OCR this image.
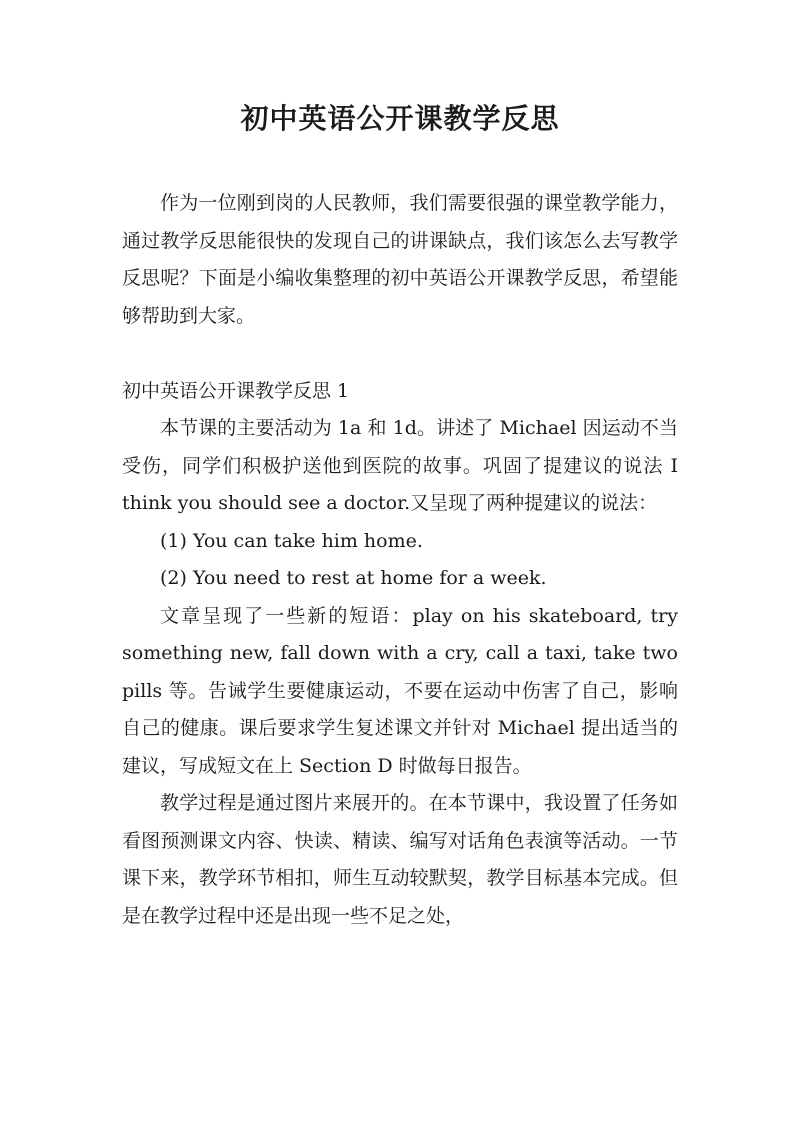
初中英语公开课教学反思

作为一位刚到岗的人民教师，我们需要很强的课堂教学能力，通过教学反思能很快的发现自己的讲课缺点，我们该怎么去写教学反思呢？下面是小编收集整理的初中英语公开课教学反思，希望能够帮助到大家。

初中英语公开课教学反思 1

本节课的主要活动为 1a 和 1d。讲述了 Michael 因运动不当受伤，同学们积极护送他到医院的故事。巩固了提建议的说法 I think you should see a doctor.又呈现了两种提建议的说法：

(1) You can take him home.

(2) You need to rest at home for a week.

文章呈现了一些新的短语：play on his skateboard, try something new, fall down with a cry, call a taxi, take two pills 等。告诫学生要健康运动，不要在运动中伤害了自己，影响自己的健康。课后要求学生复述课文并针对 Michael 提出适当的建议，写成短文在上 Section D 时做每日报告。

教学过程是通过图片来展开的。在本节课中，我设置了任务如看图预测课文内容、快读、精读、编写对话角色表演等活动。一节课下来，教学环节相扣，师生互动较默契，教学目标基本完成。但是在教学过程中还是出现一些不足之处，
